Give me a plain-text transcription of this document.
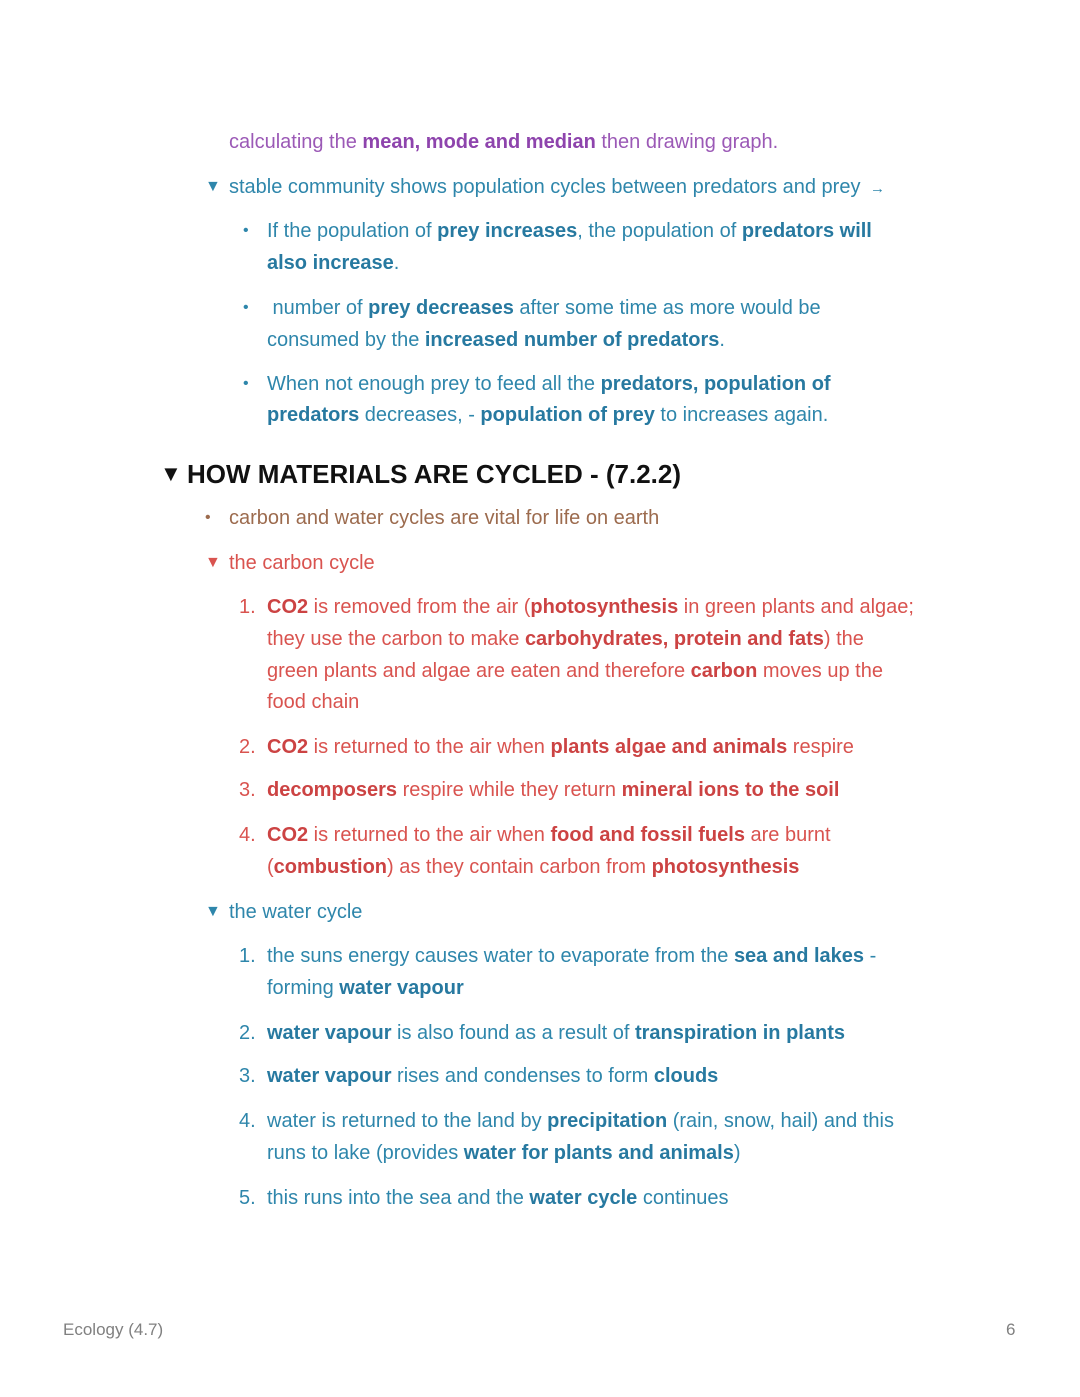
calculating the mean, mode and median then drawing graph.
▼ stable community shows population cycles between predators and prey →
• If the population of prey increases, the population of predators will
also increase.
• number of prey decreases after some time as more would be
consumed by the increased number of predators.
• When not enough prey to feed all the predators, population of
predators decreases, - population of prey to increases again.
▼ HOW MATERIALS ARE CYCLED - (7.2.2)
• carbon and water cycles are vital for life on earth
▼ the carbon cycle
1. CO2 is removed from the air (photosynthesis in green plants and algae;
they use the carbon to make carbohydrates, protein and fats) the
green plants and algae are eaten and therefore carbon moves up the
food chain
2. CO2 is returned to the air when plants algae and animals respire
3. decomposers respire while they return mineral ions to the soil
4. CO2 is returned to the air when food and fossil fuels are burnt
(combustion) as they contain carbon from photosynthesis
▼ the water cycle
1. the suns energy causes water to evaporate from the sea and lakes -
forming water vapour
2. water vapour is also found as a result of transpiration in plants
3. water vapour rises and condenses to form clouds
4. water is returned to the land by precipitation (rain, snow, hail) and this
runs to lake (provides water for plants and animals)
5. this runs into the sea and the water cycle continues
Ecology (4.7)	6
